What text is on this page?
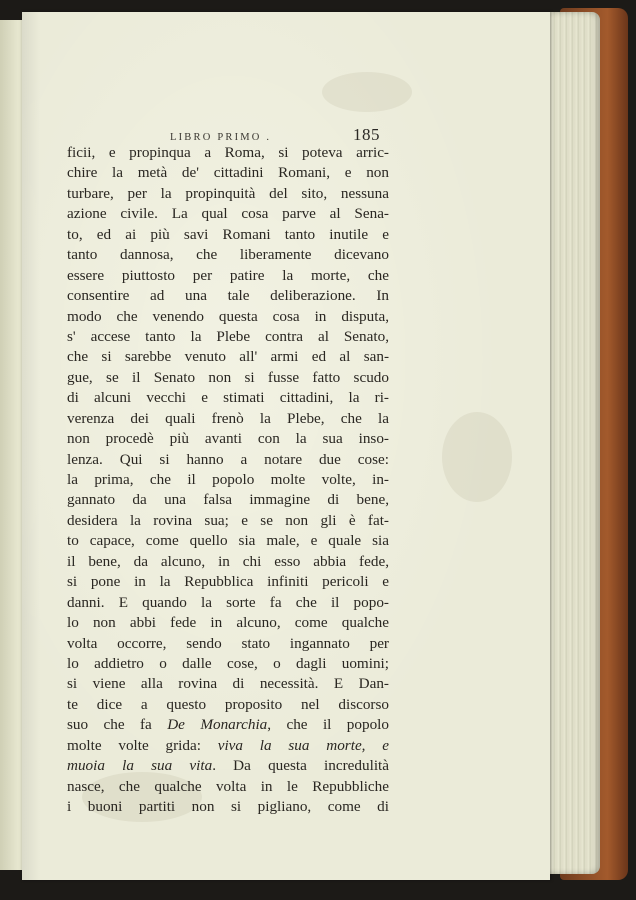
LIBRO PRIMO .	185
ficii, e propinqua a Roma, si poteva arric-
chire la metà de' cittadini Romani, e non
turbare, per la propinquità del sito, nessuna
azione civile. La qual cosa parve al Sena-
to, ed ai più savi Romani tanto inutile e
tanto dannosa, che liberamente dicevano
essere piuttosto per patire la morte, che
consentire ad una tale deliberazione. In
modo che venendo questa cosa in disputa,
s' accese tanto la Plebe contra al Senato,
che si sarebbe venuto all' armi ed al san-
gue, se il Senato non si fusse fatto scudo
di alcuni vecchi e stimati cittadini, la ri-
verenza dei quali frenò la Plebe, che la
non procedè più avanti con la sua inso-
lenza. Qui si hanno a notare due cose:
la prima, che il popolo molte volte, in-
gannato da una falsa immagine di bene,
desidera la rovina sua; e se non gli è fat-
to capace, come quello sia male, e quale sia
il bene, da alcuno, in chi esso abbia fede,
si pone in la Repubblica infiniti pericoli e
danni. E quando la sorte fa che il popo-
lo non abbi fede in alcuno, come qualche
volta occorre, sendo stato ingannato per
lo addietro o dalle cose, o dagli uomini;
si viene alla rovina di necessità. E Dan-
te dice a questo proposito nel discorso
suo che fa De Monarchia, che il popolo
molte volte grida: viva la sua morte, e
muoia la sua vita. Da questa incredulità
nasce, che qualche volta in le Repubbliche
i buoni partiti non si pigliano, come di
